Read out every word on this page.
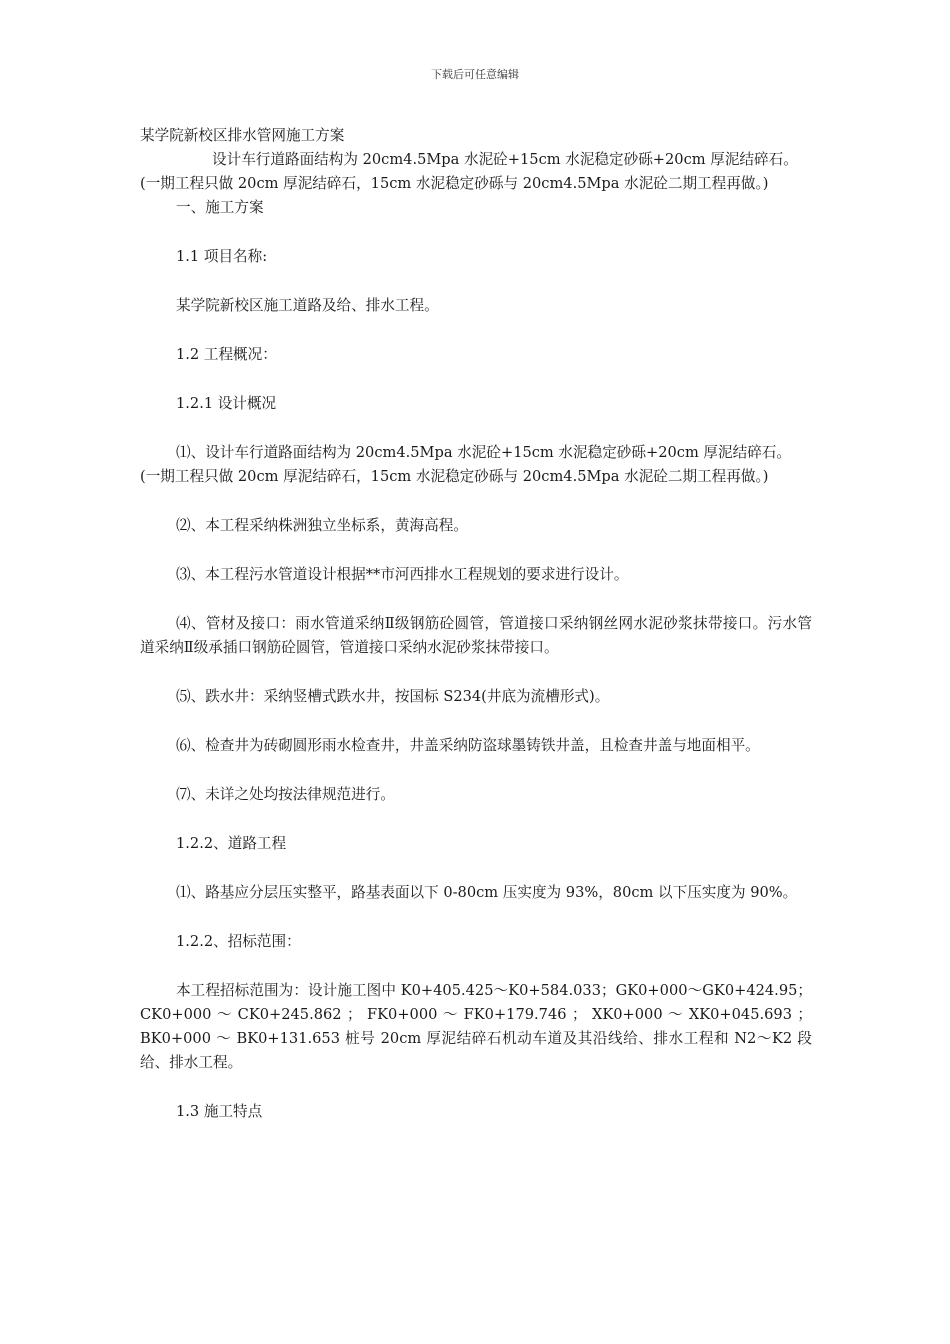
下载后可任意编辑

某学院新校区排水管网施工方案

设计车行道路面结构为 20cm4.5Mpa 水泥砼+15cm 水泥稳定砂砾+20cm 厚泥结碎石。

(一期工程只做 20cm 厚泥结碎石，15cm 水泥稳定砂砾与 20cm4.5Mpa 水泥砼二期工程再做。)

一、施工方案

1.1 项目名称:

某学院新校区施工道路及给、排水工程。

1.2 工程概况：

1.2.1 设计概况

⑴、设计车行道路面结构为 20cm4.5Mpa 水泥砼+15cm 水泥稳定砂砾+20cm 厚泥结碎石。

(一期工程只做 20cm 厚泥结碎石，15cm 水泥稳定砂砾与 20cm4.5Mpa 水泥砼二期工程再做。)

⑵、本工程采纳株洲独立坐标系，黄海高程。

⑶、本工程污水管道设计根据**市河西排水工程规划的要求进行设计。

⑷、管材及接口：雨水管道采纳Ⅱ级钢筋砼圆管，管道接口采纳钢丝网水泥砂浆抹带接口。污水管道采纳Ⅱ级承插口钢筋砼圆管，管道接口采纳水泥砂浆抹带接口。

⑸、跌水井：采纳竖槽式跌水井，按国标 S234(井底为流槽形式)。

⑹、检查井为砖砌圆形雨水检查井，井盖采纳防盗球墨铸铁井盖，且检查井盖与地面相平。

⑺、未详之处均按法律规范进行。

1.2.2、道路工程

⑴、路基应分层压实整平，路基表面以下 0-80cm 压实度为 93%，80cm 以下压实度为 90%。

1.2.2、招标范围：

本工程招标范围为：设计施工图中 K0+405.425～K0+584.033；GK0+000～GK0+424.95；CK0+000 ～ CK0+245.862 ； FK0+000 ～ FK0+179.746 ； XK0+000 ～ XK0+045.693 ； BK0+000 ～ BK0+131.653 桩号 20cm 厚泥结碎石机动车道及其沿线给、排水工程和 N2～K2 段给、排水工程。

1.3 施工特点
